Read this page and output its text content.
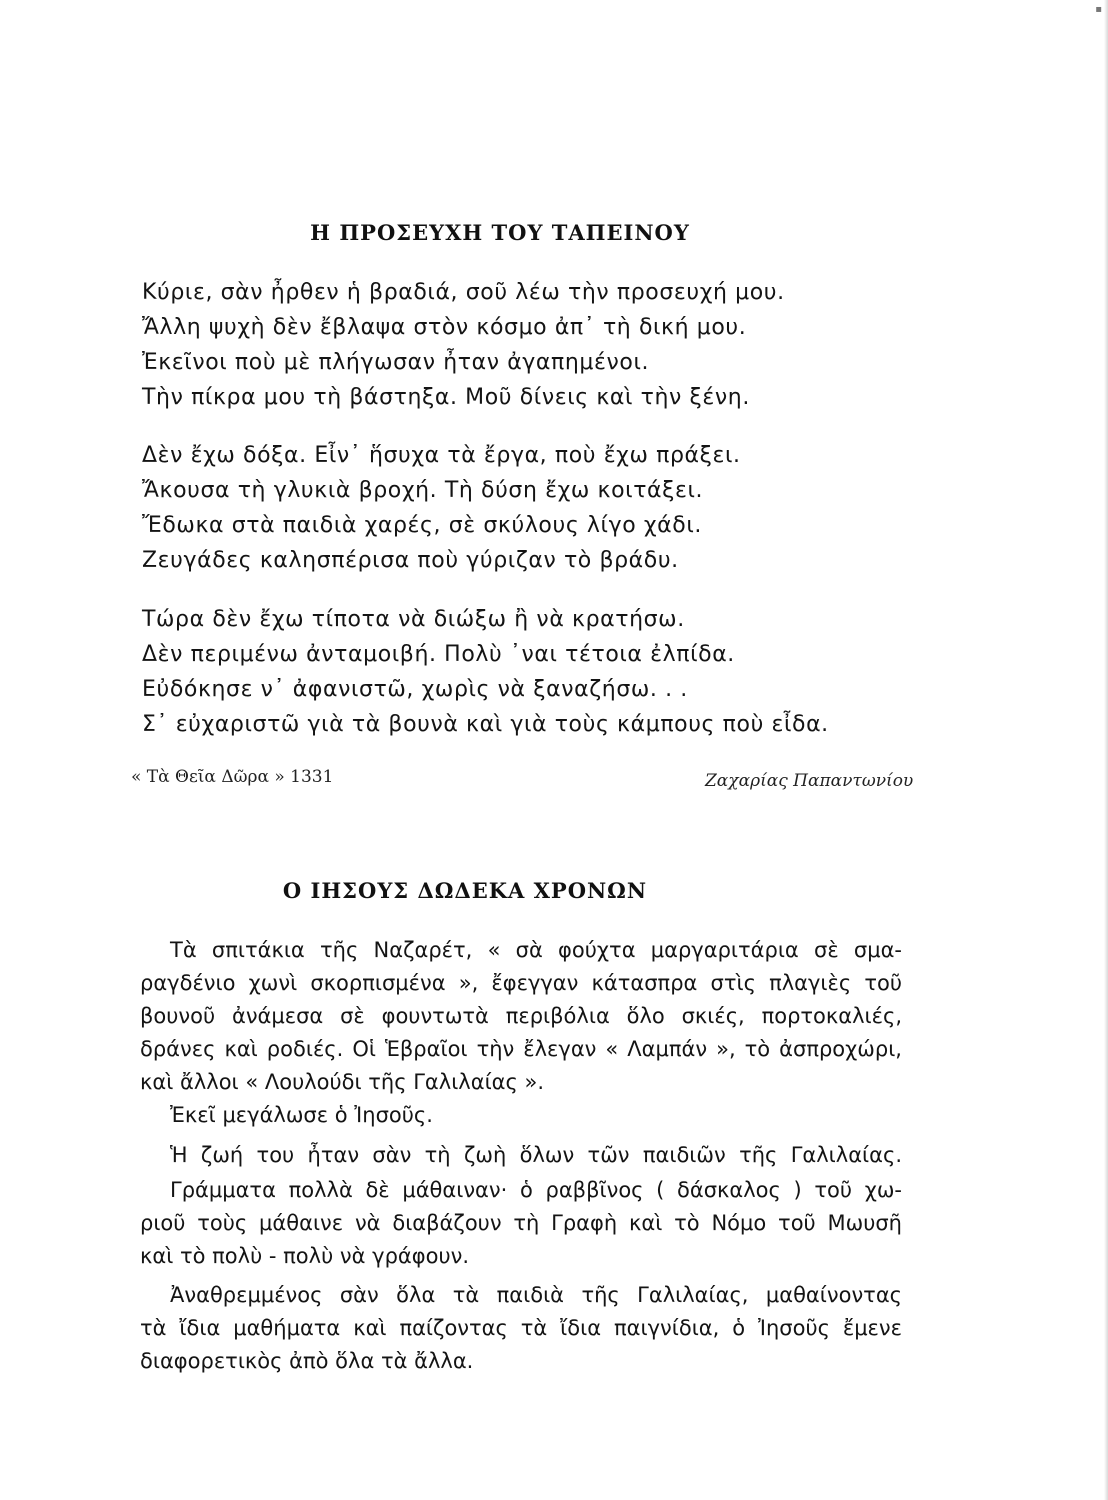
▪
Η ΠΡΟΣΕΥΧΗ ΤΟΥ ΤΑΠΕΙΝΟΥ
Κύριε, σὰν ἦρθεν ἡ βραδιά, σοῦ λέω τὴν προσευχή μου.
Ἄλλη ψυχὴ δὲν ἔβλαψα στὸν κόσμο ἀπ᾽ τὴ δική μου.
Ἐκεῖνοι ποὺ μὲ πλήγωσαν ἦταν ἀγαπημένοι.
Τὴν πίκρα μου τὴ βάστηξα. Μοῦ δίνεις καὶ τὴν ξένη.
Δὲν ἔχω δόξα. Εἶν᾽ ἥσυχα τὰ ἔργα, ποὺ ἔχω πράξει.
Ἄκουσα τὴ γλυκιὰ βροχή. Τὴ δύση ἔχω κοιτάξει.
Ἔδωκα στὰ παιδιὰ χαρές, σὲ σκύλους λίγο χάδι.
Ζευγάδες καλησπέρισα ποὺ γύριζαν τὸ βράδυ.
Τώρα δὲν ἔχω τίποτα νὰ διώξω ἢ νὰ κρατήσω.
Δὲν περιμένω ἀνταμοιβή. Πολὺ ᾽ναι τέτοια ἐλπίδα.
Εὐδόκησε ν᾽ ἀφανιστῶ, χωρὶς νὰ ξαναζήσω. . .
Σ᾽ εὐχαριστῶ γιὰ τὰ βουνὰ καὶ γιὰ τοὺς κάμπους ποὺ εἶδα.
« Τὰ Θεῖα Δῶρα » 1331	Ζαχαρίας Παπαντωνίου
Ο ΙΗΣΟΥΣ ΔΩΔΕΚΑ ΧΡΟΝΩΝ
Τὰ σπιτάκια τῆς Ναζαρέτ, « σὰ φούχτα μαργαριτάρια σὲ σμα-
ραγδένιο χωνὶ σκορπισμένα », ἔφεγγαν κάτασπρα στὶς πλαγιὲς τοῦ
βουνοῦ ἀνάμεσα σὲ φουντωτὰ περιβόλια ὅλο σκιές, πορτοκαλιές,
δράνες καὶ ροδιές. Οἱ Ἑβραῖοι τὴν ἔλεγαν « Λαμπάν », τὸ ἀσπροχώρι,
καὶ ἄλλοι « Λουλούδι τῆς Γαλιλαίας ».
Ἐκεῖ μεγάλωσε ὁ Ἰησοῦς.
Ἡ ζωή του ἦταν σὰν τὴ ζωὴ ὅλων τῶν παιδιῶν τῆς Γαλιλαίας.
Γράμματα πολλὰ δὲ μάθαιναν· ὁ ραββῖνος ( δάσκαλος ) τοῦ χω-
ριοῦ τοὺς μάθαινε νὰ διαβάζουν τὴ Γραφὴ καὶ τὸ Νόμο τοῦ Μωυσῆ
καὶ τὸ πολὺ - πολὺ νὰ γράφουν.
Ἀναθρεμμένος σὰν ὅλα τὰ παιδιὰ τῆς Γαλιλαίας, μαθαίνοντας
τὰ ἴδια μαθήματα καὶ παίζοντας τὰ ἴδια παιγνίδια, ὁ Ἰησοῦς ἔμενε
διαφορετικὸς ἀπὸ ὅλα τὰ ἄλλα.
